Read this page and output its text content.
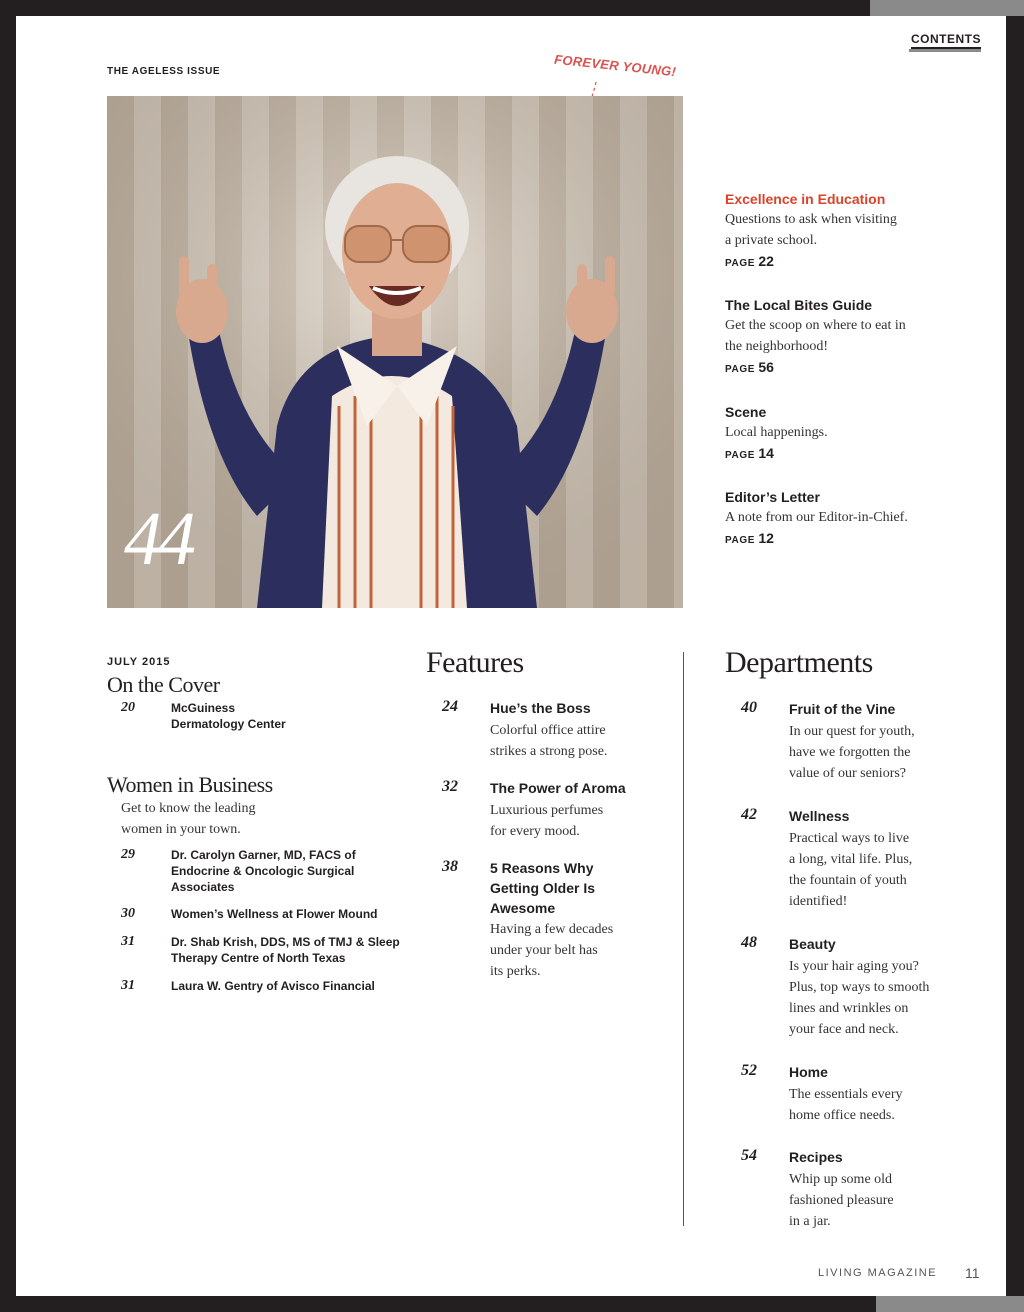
CONTENTS
THE AGELESS ISSUE	FOREVER YOUNG!
44
Excellence in Education
Questions to ask when visiting
a private school.
PAGE 22
The Local Bites Guide
Get the scoop on where to eat in
the neighborhood!
PAGE 56
Scene
Local happenings.
PAGE 14
Editor’s Letter
A note from our Editor-in-Chief.
PAGE 12
JULY 2015
On the Cover
20	McGuiness
Dermatology Center
Women in Business
Get to know the leading
women in your town.
29	Dr. Carolyn Garner, MD, FACS of
Endocrine & Oncologic Surgical
Associates
30	Women’s Wellness at Flower Mound
31	Dr. Shab Krish, DDS, MS of TMJ & Sleep
Therapy Centre of North Texas
31	Laura W. Gentry of Avisco Financial
Features
24 Hue’s the Boss
Colorful office attire
strikes a strong pose.
32 The Power of Aroma
Luxurious perfumes
for every mood.
38 5 Reasons Why
Getting Older Is
Awesome
Having a few decades
under your belt has
its perks.
Departments
40 Fruit of the Vine
In our quest for youth,
have we forgotten the
value of our seniors?
42 Wellness
Practical ways to live
a long, vital life. Plus,
the fountain of youth
identified!
48 Beauty
Is your hair aging you?
Plus, top ways to smooth
lines and wrinkles on
your face and neck.
52 Home
The essentials every
home office needs.
54 Recipes
Whip up some old
fashioned pleasure
in a jar.
LIVING MAGAZINE 11
